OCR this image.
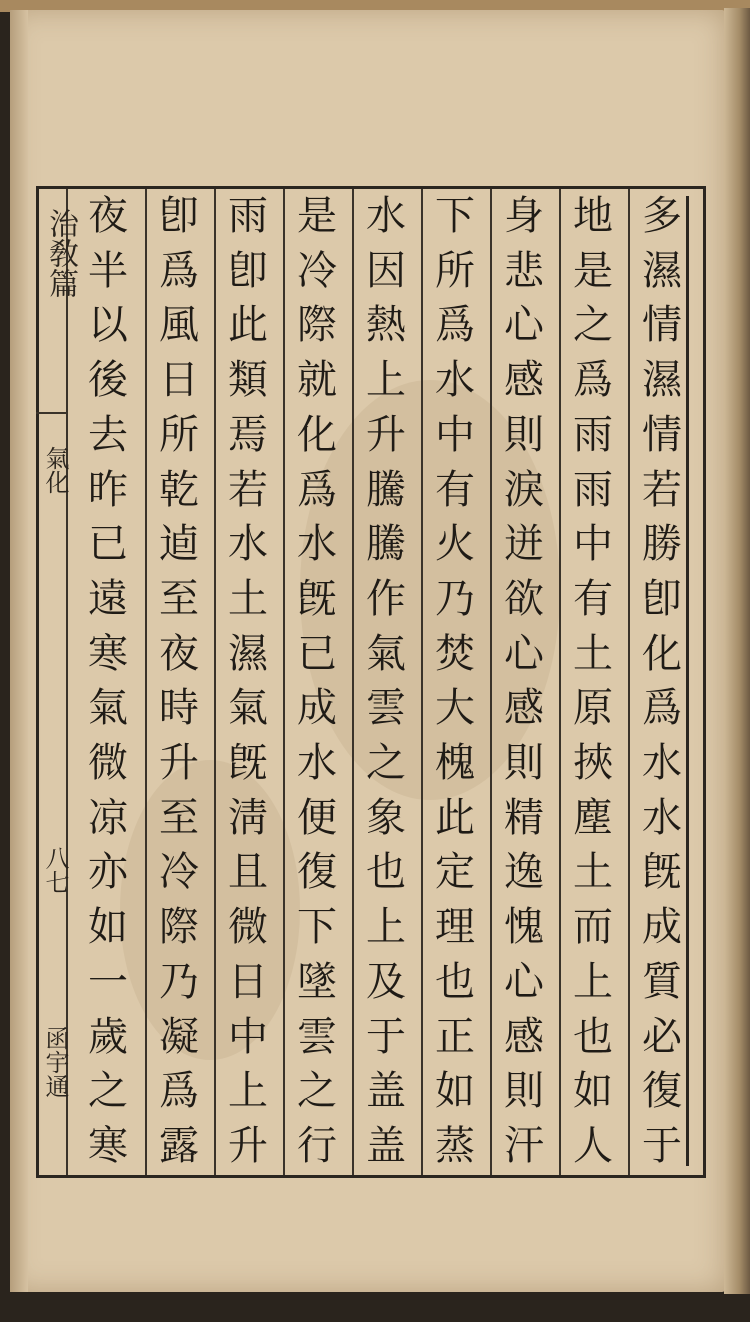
多
濕
情
濕
情
若
勝
卽
化
爲
水
水
旣
成
質
必
復
于
地
是
之
爲
雨
雨
中
有
土
原
挾
塵
土
而
上
也
如
人
身
悲
心
感
則
淚
迸
欲
心
感
則
精
逸
愧
心
感
則
汗
下
所
爲
水
中
有
火
乃
焚
大
槐
此
定
理
也
正
如
蒸
水
因
熱
上
升
騰
騰
作
氣
雲
之
象
也
上
及
于
盖
盖
是
冷
際
就
化
爲
水
旣
已
成
水
便
復
下
墜
雲
之
行
雨
卽
此
類
焉
若
水
土
濕
氣
旣
淸
且
微
日
中
上
升
卽
爲
風
日
所
乾
逌
至
夜
時
升
至
冷
際
乃
凝
爲
露
夜
半
以
後
去
昨
已
遠
寒
氣
微
凉
亦
如
一
歲
之
寒
治敎篇
氣化
八七
函宇通
